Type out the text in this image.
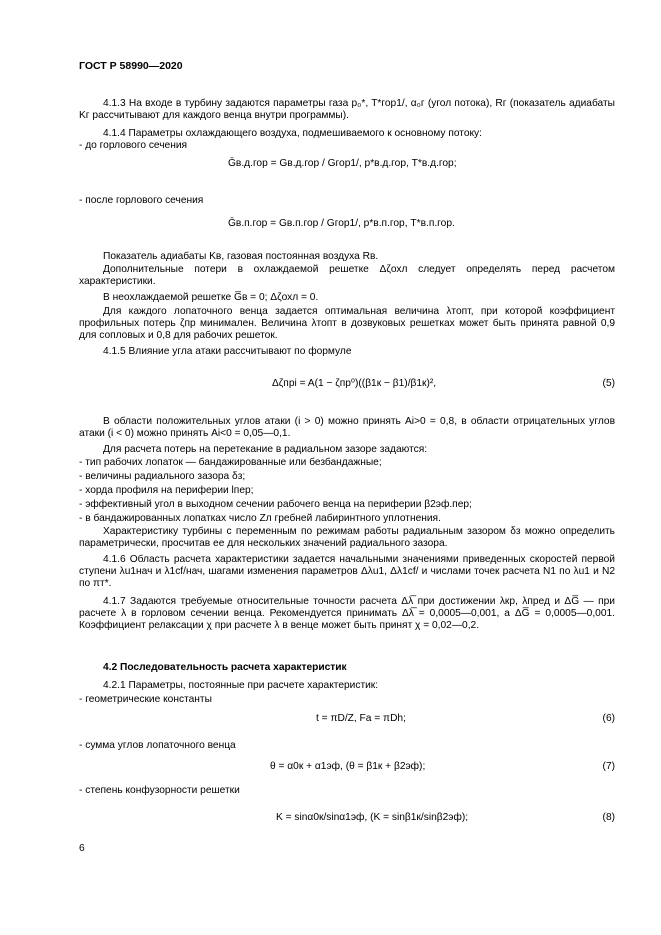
ГОСТ Р 58990—2020
4.1.3 На входе в турбину задаются параметры газа p₀*, T*гор1/, α₀г (угол потока), Rг (показатель адиабаты Kг рассчитывают для каждого венца внутри программы).
4.1.4 Параметры охлаждающего воздуха, подмешиваемого к основному потоку:
- до горлового сечения
Ḡв.д.гор = Gв.д.гор / Gгор1/, p*в.д.гор, T*в.д.гор;
- после горлового сечения
Ḡв.п.гор = Gв.п.гор / Gгор1/, p*в.п.гор, T*в.п.гор.
Показатель адиабаты Kв, газовая постоянная воздуха Rв.
Дополнительные потери в охлаждаемой решетке Δζохл следует определять перед расчетом характеристики.
В неохлаждаемой решетке G̅в = 0; Δζохл = 0.
Для каждого лопаточного венца задается оптимальная величина λтопт, при которой коэффициент профильных потерь ζпр минимален. Величина λтопт в дозвуковых решетках может быть принята равной 0,9 для сопловых и 0,8 для рабочих решеток.
4.1.5 Влияние угла атаки рассчитывают по формуле
Δζпрi = A(1 − ζпр⁰)((β1к − β1)/β1к)²,	(5)
В области положительных углов атаки (i > 0) можно принять Ai>0 = 0,8, в области отрицательных углов атаки (i < 0) можно принять Ai<0 = 0,05—0,1.
Для расчета потерь на перетекание в радиальном зазоре задаются:
- тип рабочих лопаток — бандажированные или безбандажные;
- величины радиального зазора δз;
- хорда профиля на периферии lпер;
- эффективный угол в выходном сечении рабочего венца на периферии β2эф.пер;
- в бандажированных лопатках число Zл гребней лабиринтного уплотнения.
Характеристику турбины с переменным по режимам работы радиальным зазором δз можно определить параметрически, просчитав ее для нескольких значений радиального зазора.
4.1.6 Область расчета характеристики задается начальными значениями приведенных скоростей первой ступени λu1нач и λ1cf/нач, шагами изменения параметров Δλu1, Δλ1cf/ и числами точек расчета N1 по λu1 и N2 по πт*.
4.1.7 Задаются требуемые относительные точности расчета Δλ̅ при достижении λкр, λпред и ΔG̅ — при расчете λ в горловом сечении венца. Рекомендуется принимать Δλ̅ = 0,0005—0,001, а ΔG̅ = 0,0005—0,001. Коэффициент релаксации χ при расчете λ в венце может быть принят χ = 0,02—0,2.
4.2 Последовательность расчета характеристик
4.2.1 Параметры, постоянные при расчете характеристик:
- геометрические константы
t = πD/Z, Fа = πDh;	(6)
- сумма углов лопаточного венца
θ = α0к + α1эф, (θ = β1к + β2эф);	(7)
- степень конфузорности решетки
K = sinα0к/sinα1эф, (K = sinβ1к/sinβ2эф);	(8)
6
